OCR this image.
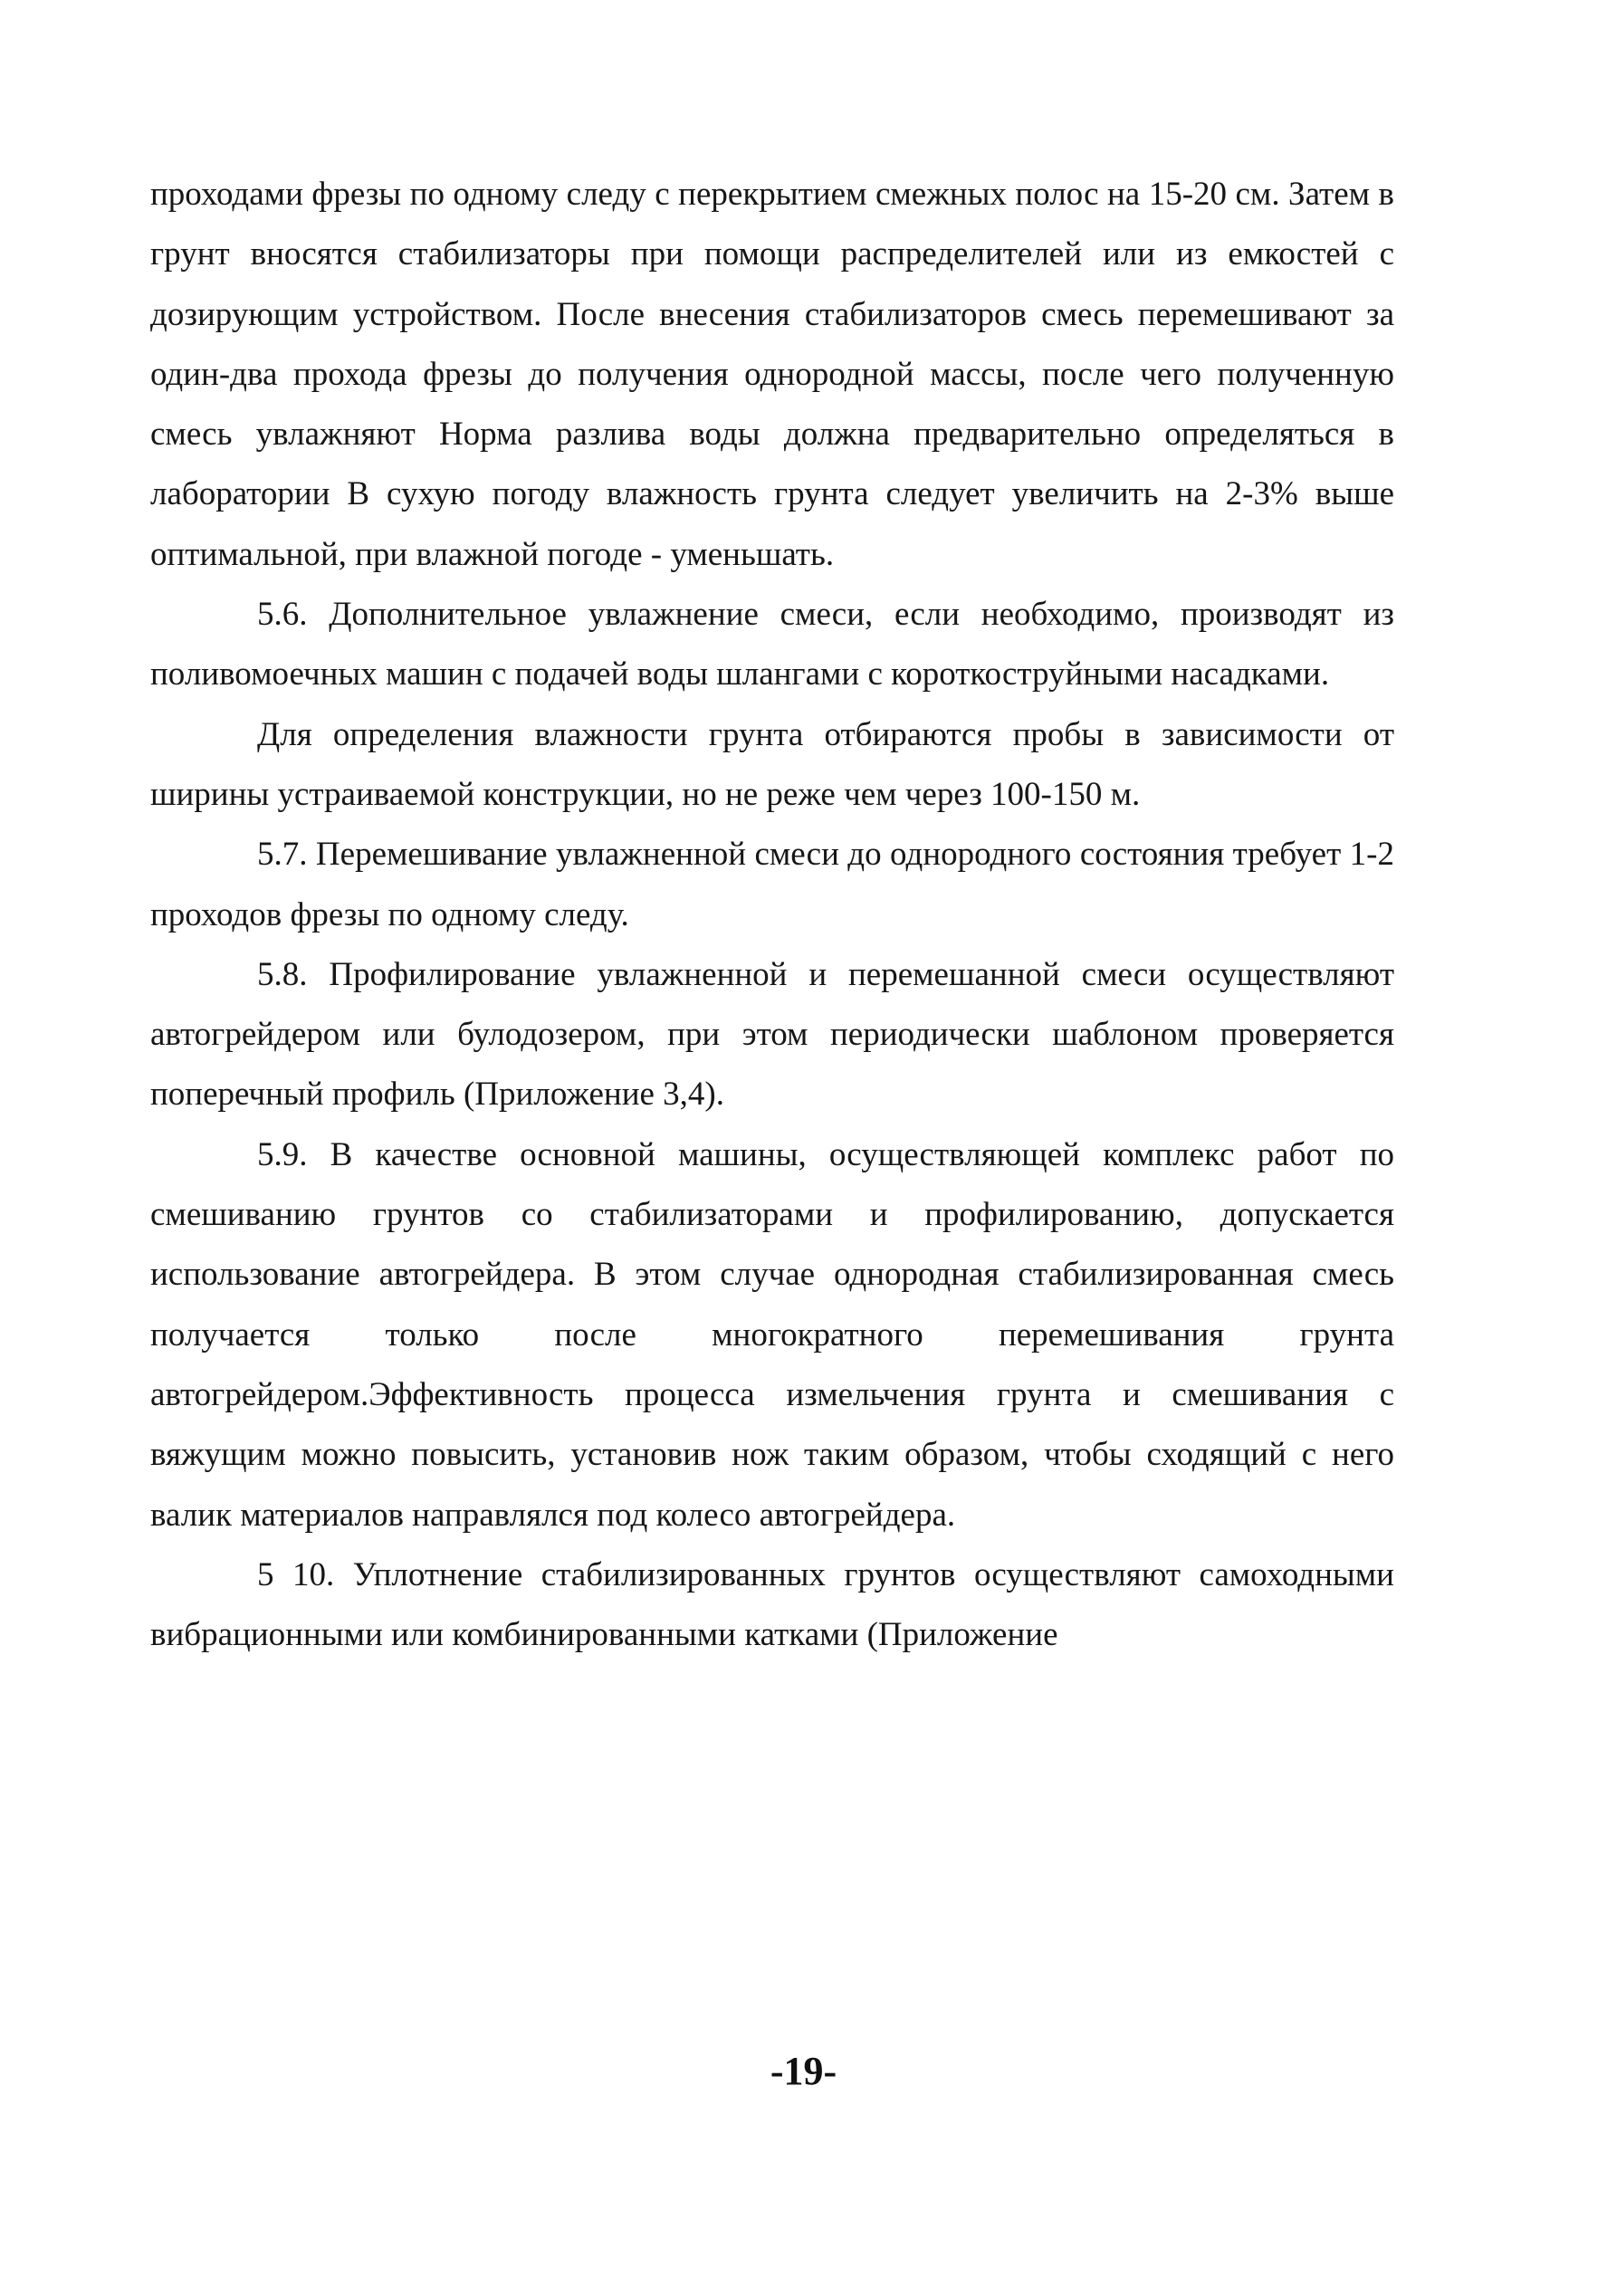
проходами фрезы по одному следу с перекрытием смежных полос на 15-20 см. Затем в грунт вносятся стабилизаторы при помощи распределителей или из емкостей с дозирующим устройством. После внесения стабилизаторов смесь перемешивают за один-два прохода фрезы до получения однородной массы, после чего полученную смесь увлажняют Норма разлива воды должна предварительно определяться в лаборатории В сухую погоду влажность грунта следует увеличить на 2-3% выше оптимальной, при влажной погоде - уменьшать.

5.6. Дополнительное увлажнение смеси, если необходимо, производят из поливомоечных машин с подачей воды шлангами с короткоструйными насадками.

Для определения влажности грунта отбираются пробы в зависимости от ширины устраиваемой конструкции, но не реже чем через 100-150 м.

5.7. Перемешивание увлажненной смеси до однородного состояния требует 1-2 проходов фрезы по одному следу.

5.8. Профилирование увлажненной и перемешанной смеси осуществляют автогрейдером или булодозером, при этом периодически шаблоном проверяется поперечный профиль (Приложение 3,4).

5.9. В качестве основной машины, осуществляющей комплекс работ по смешиванию грунтов со стабилизаторами и профилированию, допускается использование автогрейдера. В этом случае однородная стабилизированная смесь получается только после многократного перемешивания грунта автогрейдером.Эффективность процесса измельчения грунта и смешивания с вяжущим можно повысить, установив нож таким образом, чтобы сходящий с него валик материалов направлялся под колесо автогрейдера.

5 10. Уплотнение стабилизированных грунтов осуществляют самоходными вибрационными или комбинированными катками (Приложение

-19-
